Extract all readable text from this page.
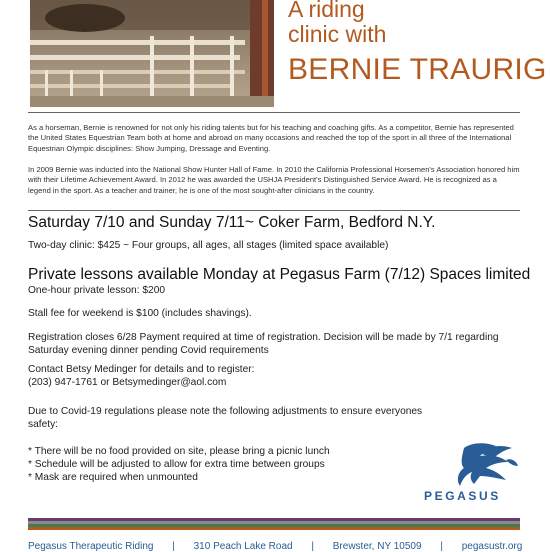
A riding
clinic with
BERNIE TRAURIG

As a horseman, Bernie is renowned for not only his riding talents but for his teaching and coaching gifts. As a competitor, Bernie has represented the United States Equestrian Team both at home and abroad on many occasions and reached the top of the sport in all three of the International Equestrian Olympic disciplines: Show Jumping, Dressage and Eventing.

In 2009 Bernie was inducted into the National Show Hunter Hall of Fame. In 2010 the California Professional Horsemen's Association honored him with their Lifetime Achievement Award. In 2012 he was awarded the USHJA President's Distinguished Service Award. He is recognized as a legend in the sport. As a teacher and trainer, he is one of the most sought-after clinicians in the country.

Saturday 7/10 and Sunday 7/11~ Coker Farm, Bedford N.Y.
Two-day clinic: $425 ~ Four groups, all ages, all stages (limited space available)
Private lessons available Monday at Pegasus Farm (7/12) Spaces limited
One-hour private lesson: $200
Stall fee for weekend is $100 (includes shavings).
Registration closes 6/28 Payment required at time of registration. Decision will be made by 7/1 regarding
Saturday evening dinner pending Covid requirements
Contact Betsy Medinger for details and to register:
(203) 947-1761 or Betsymedinger@aol.com
Due to Covid-19 regulations please note the following adjustments to ensure everyones
safety:
* There will be no food provided on site, please bring a picnic lunch
* Schedule will be adjusted to allow for extra time between groups
* Mask are required when unmounted
PEGASUS
Pegasus Therapeutic Riding | 310 Peach Lake Road | Brewster, NY 10509 | pegasustr.org
